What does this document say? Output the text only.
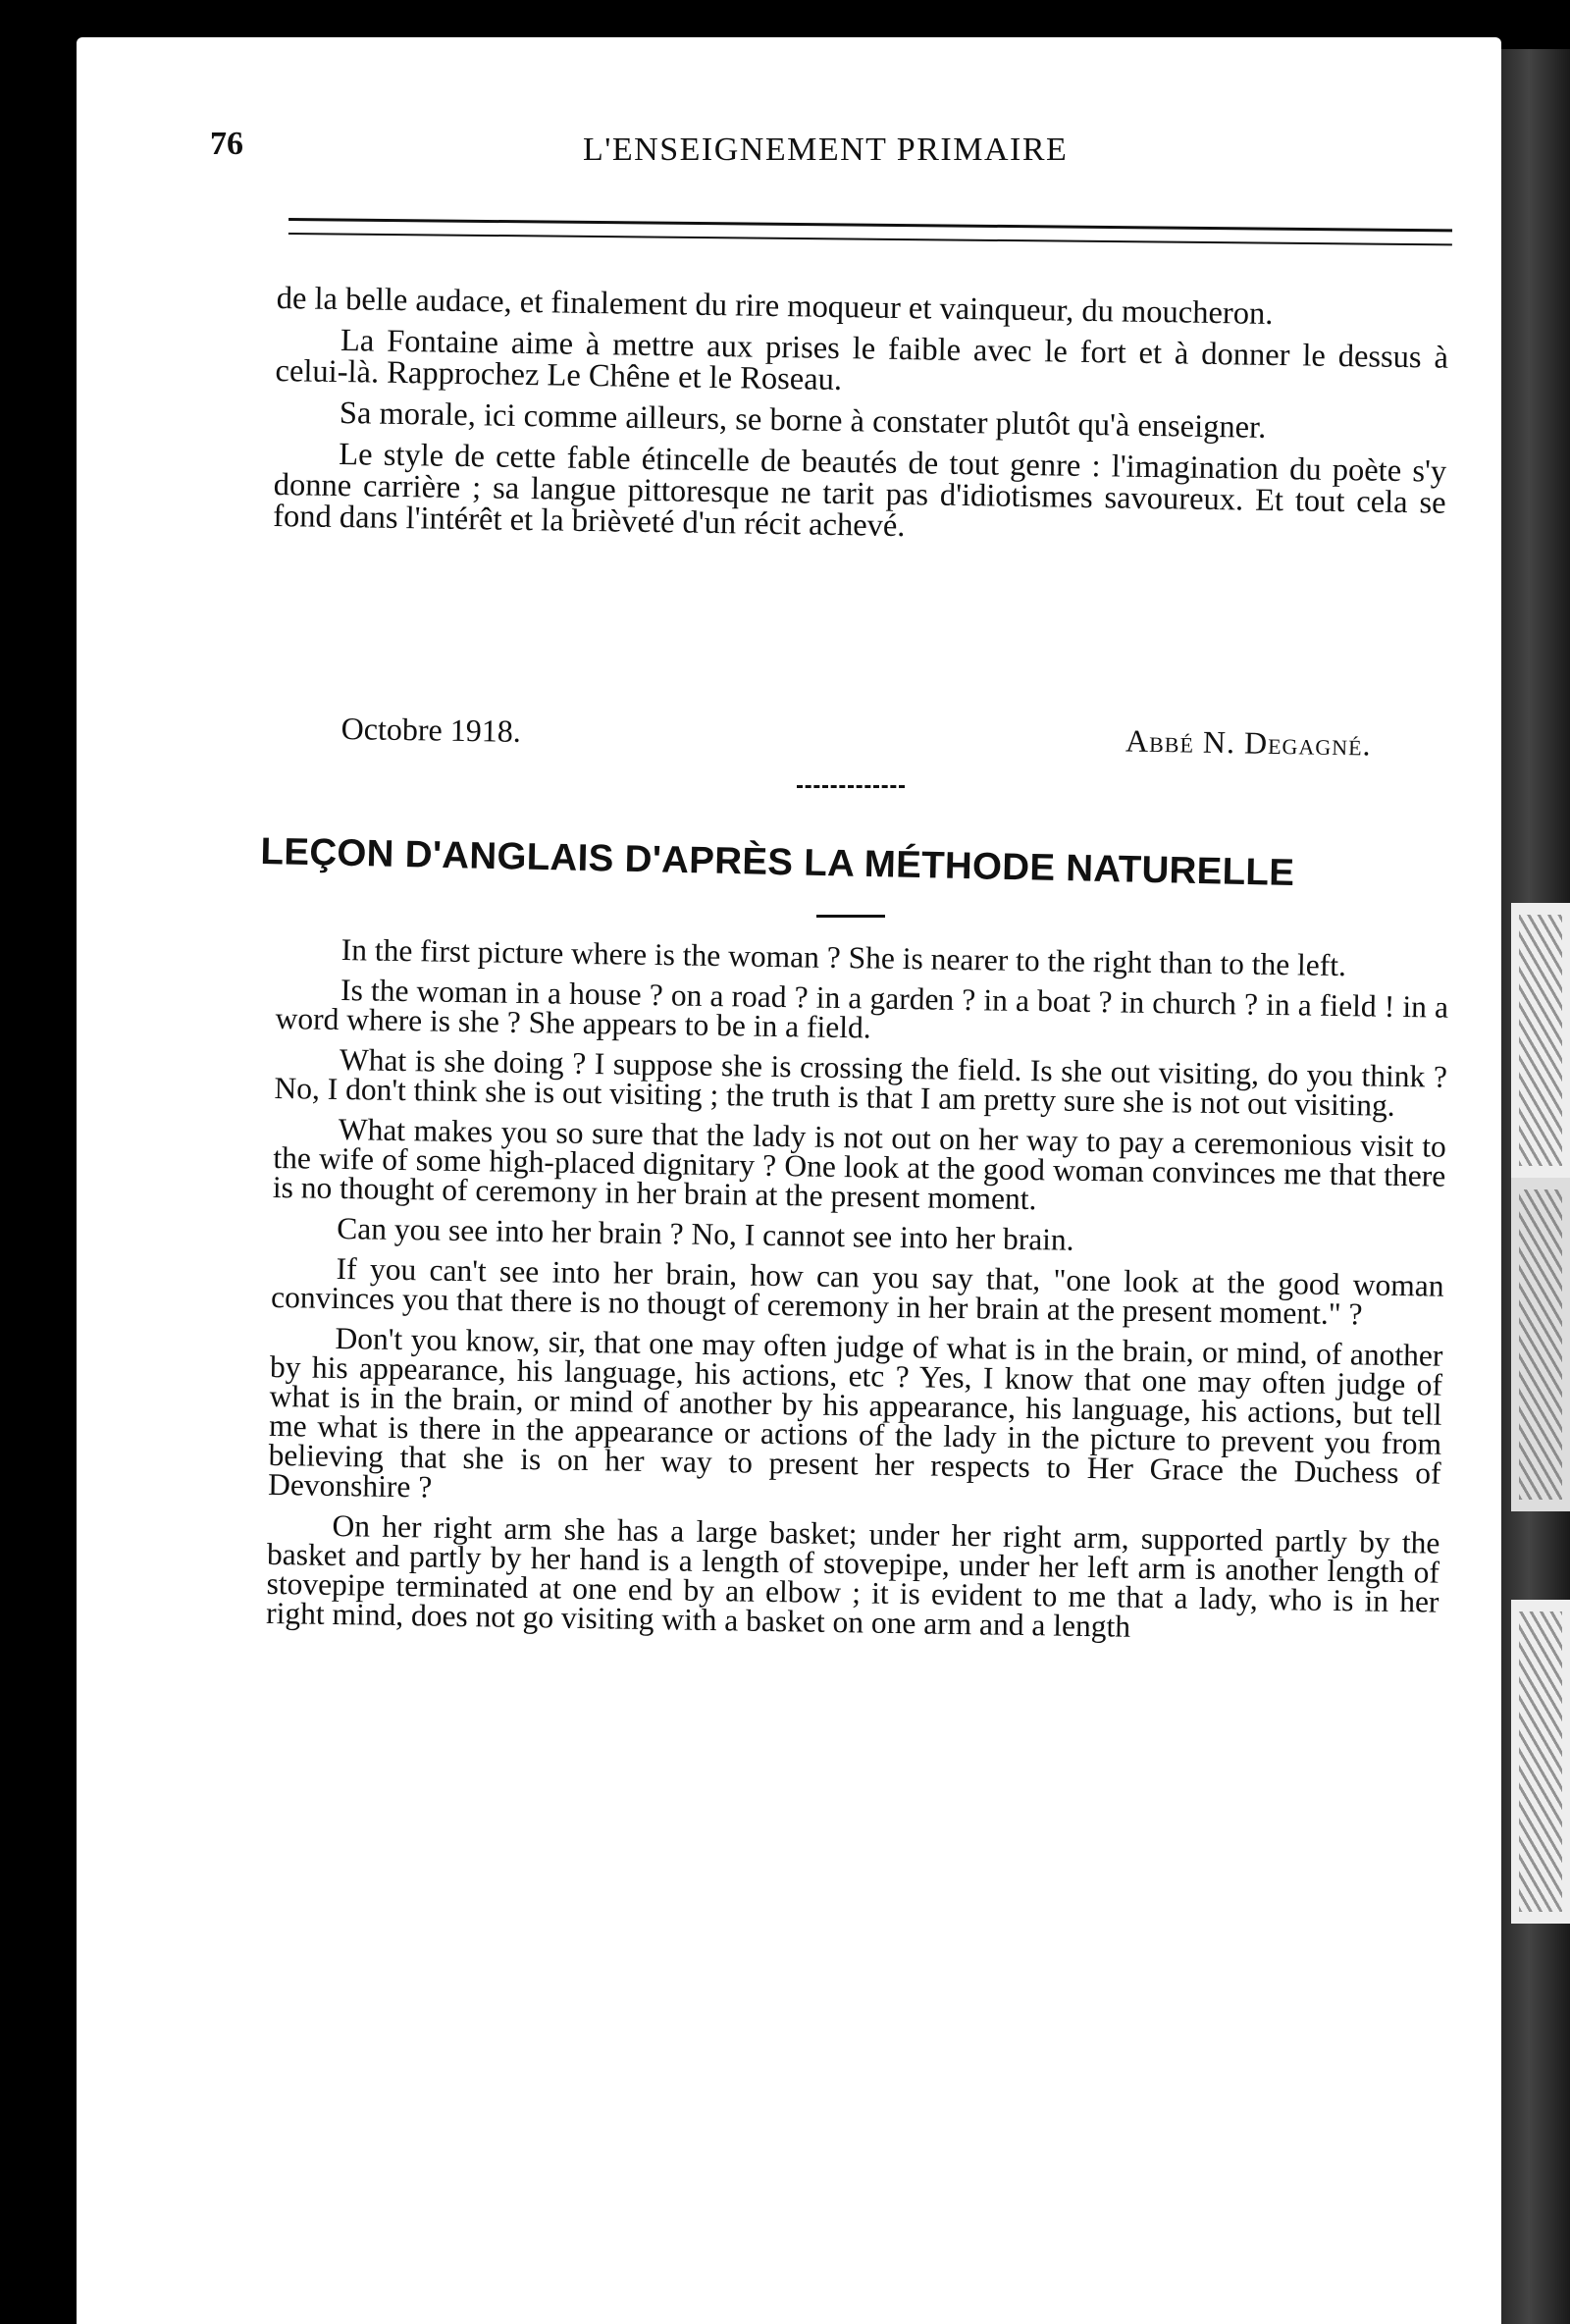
76	L'ENSEIGNEMENT PRIMAIRE

de la belle audace, et finalement du rire moqueur et vainqueur, du moucheron.

La Fontaine aime à mettre aux prises le faible avec le fort et à donner le dessus à celui-là. Rapprochez Le Chêne et le Roseau.

Sa morale, ici comme ailleurs, se borne à constater plutôt qu'à enseigner.

Le style de cette fable étincelle de beautés de tout genre : l'imagination du poète s'y donne carrière ; sa langue pittoresque ne tarit pas d'idiotismes savoureux. Et tout cela se fond dans l'intérêt et la brièveté d'un récit achevé.

Octobre 1918.	Abbé N. Degagné.
LEÇON D'ANGLAIS D'APRÈS LA MÉTHODE NATURELLE

In the first picture where is the woman ? She is nearer to the right than to the left.

Is the woman in a house ? on a road ? in a garden ? in a boat ? in church ? in a field ! in a word where is she ? She appears to be in a field.

What is she doing ? I suppose she is crossing the field. Is she out visiting, do you think ? No, I don't think she is out visiting ; the truth is that I am pretty sure she is not out visiting.

What makes you so sure that the lady is not out on her way to pay a ceremonious visit to the wife of some high-placed dignitary ? One look at the good woman convinces me that there is no thought of ceremony in her brain at the present moment.

Can you see into her brain ? No, I cannot see into her brain.

If you can't see into her brain, how can you say that, "one look at the good woman convinces you that there is no thougt of ceremony in her brain at the present moment." ?

Don't you know, sir, that one may often judge of what is in the brain, or mind, of another by his appearance, his language, his actions, etc ? Yes, I know that one may often judge of what is in the brain, or mind of another by his appearance, his language, his actions, but tell me what is there in the appearance or actions of the lady in the picture to prevent you from believing that she is on her way to present her respects to Her Grace the Duchess of Devonshire ?

On her right arm she has a large basket; under her right arm, supported partly by the basket and partly by her hand is a length of stovepipe, under her left arm is another length of stovepipe terminated at one end by an elbow ; it is evident to me that a lady, who is in her right mind, does not go visiting with a basket on one arm and a length
